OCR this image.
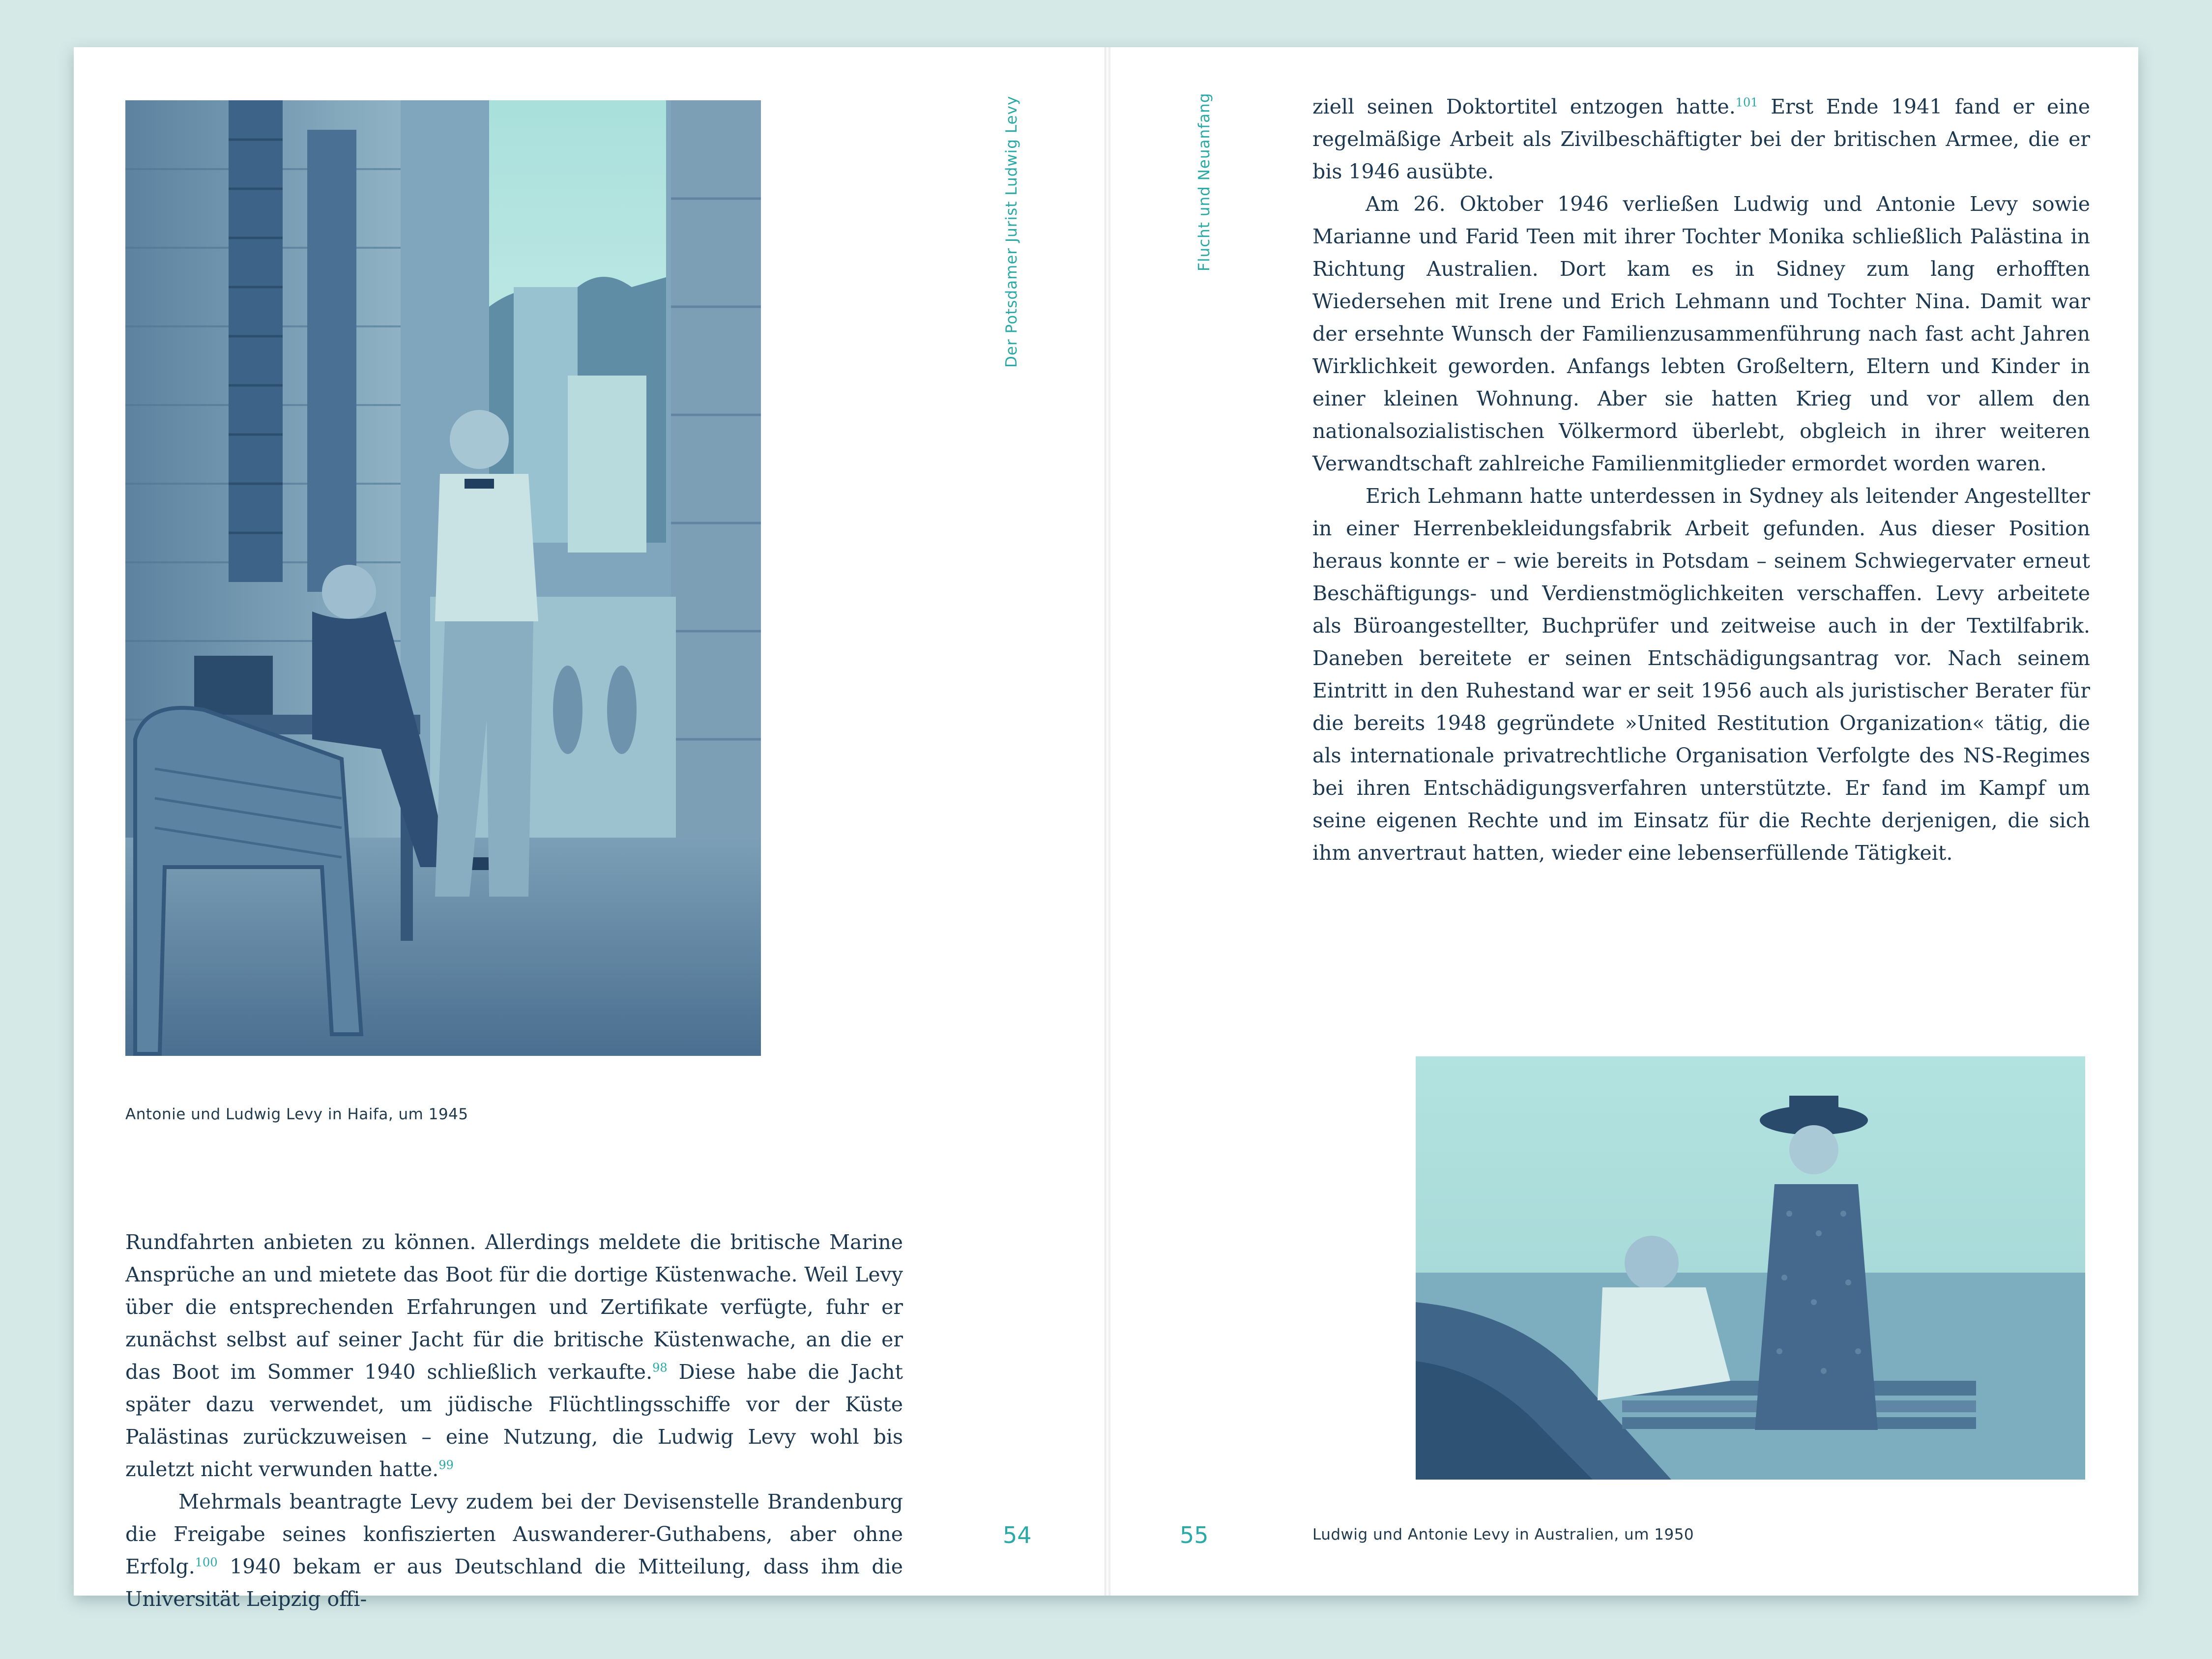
Antonie und Ludwig Levy in Haifa, um 1945
Der Potsdamer Jurist Ludwig Levy

Rundfahrten anbieten zu können. Allerdings meldete die britische Marine Ansprüche an und mietete das Boot für die dortige Küstenwache. Weil Levy über die entsprechenden Erfahrungen und Zertifikate verfügte, fuhr er zunächst selbst auf seiner Jacht für die britische Küstenwache, an die er das Boot im Sommer 1940 schließlich verkaufte.$^{98}$ Diese habe die Jacht später dazu verwendet, um jüdische Flüchtlingsschiffe vor der Küste Palästinas zurückzuweisen – eine Nutzung, die Ludwig Levy wohl bis zuletzt nicht verwunden hatte.$^{99}$

Mehrmals beantragte Levy zudem bei der Devisenstelle Brandenburg die Freigabe seines konfiszierten Auswanderer-Guthabens, aber ohne Erfolg.$^{100}$ 1940 bekam er aus Deutschland die Mitteilung, dass ihm die Universität Leipzig offi-

54
Flucht und Neuanfang	ziell seinen Doktortitel entzogen hatte.$^{101}$ Erst Ende 1941 fand er eine regelmäßige Arbeit als Zivilbeschäftigter bei der britischen Armee, die er bis 1946 ausübte.

Am 26. Oktober 1946 verließen Ludwig und Antonie Levy sowie Marianne und Farid Teen mit ihrer Tochter Monika schließlich Palästina in Richtung Australien. Dort kam es in Sidney zum lang erhofften Wiedersehen mit Irene und Erich Lehmann und Tochter Nina. Damit war der ersehnte Wunsch der Familienzusammenführung nach fast acht Jahren Wirklichkeit geworden. Anfangs lebten Großeltern, Eltern und Kinder in einer kleinen Wohnung. Aber sie hatten Krieg und vor allem den nationalsozialistischen Völkermord überlebt, obgleich in ihrer weiteren Verwandtschaft zahlreiche Familienmitglieder ermordet worden waren.

Erich Lehmann hatte unterdessen in Sydney als leitender Angestellter in einer Herrenbekleidungsfabrik Arbeit gefunden. Aus dieser Position heraus konnte er – wie bereits in Potsdam – seinem Schwiegervater erneut Beschäftigungs- und Verdienstmöglichkeiten verschaffen. Levy arbeitete als Büroangestellter, Buchprüfer und zeitweise auch in der Textilfabrik. Daneben bereitete er seinen Entschädigungsantrag vor. Nach seinem Eintritt in den Ruhestand war er seit 1956 auch als juristischer Berater für die bereits 1948 gegründete »United Restitution Organization« tätig, die als internationale privatrechtliche Organisation Verfolgte des NS-Regimes bei ihren Entschädigungsverfahren unterstützte. Er fand im Kampf um seine eigenen Rechte und im Einsatz für die Rechte derjenigen, die sich ihm anvertraut hatten, wieder eine lebenserfüllende Tätigkeit.

Ludwig und Antonie Levy in Australien, um 1950
55
